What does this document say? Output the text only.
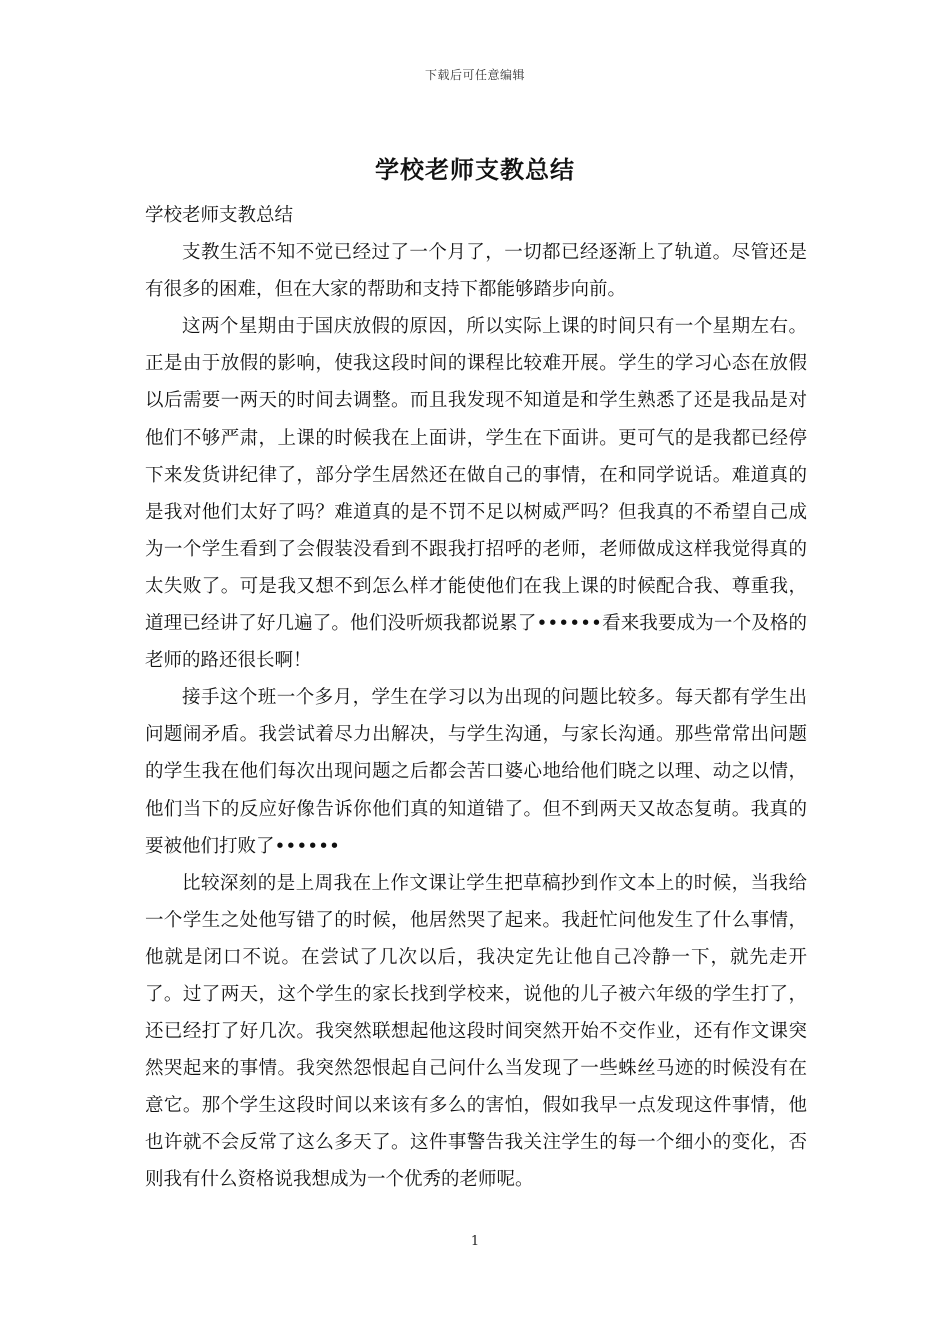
下载后可任意编辑
学校老师支教总结

学校老师支教总结

支教生活不知不觉已经过了一个月了，一切都已经逐渐上了轨道。尽管还是有很多的困难，但在大家的帮助和支持下都能够踏步向前。

这两个星期由于国庆放假的原因，所以实际上课的时间只有一个星期左右。正是由于放假的影响，使我这段时间的课程比较难开展。学生的学习心态在放假以后需要一两天的时间去调整。而且我发现不知道是和学生熟悉了还是我品是对他们不够严肃，上课的时候我在上面讲，学生在下面讲。更可气的是我都已经停下来发货讲纪律了，部分学生居然还在做自己的事情，在和同学说话。难道真的是我对他们太好了吗？难道真的是不罚不足以树威严吗？但我真的不希望自己成为一个学生看到了会假装没看到不跟我打招呼的老师，老师做成这样我觉得真的太失败了。可是我又想不到怎么样才能使他们在我上课的时候配合我、尊重我，道理已经讲了好几遍了。他们没听烦我都说累了••••••看来我要成为一个及格的老师的路还很长啊！

接手这个班一个多月，学生在学习以为出现的问题比较多。每天都有学生出问题闹矛盾。我尝试着尽力出解决，与学生沟通，与家长沟通。那些常常出问题的学生我在他们每次出现问题之后都会苦口婆心地给他们晓之以理、动之以情，他们当下的反应好像告诉你他们真的知道错了。但不到两天又故态复萌。我真的要被他们打败了••••••

比较深刻的是上周我在上作文课让学生把草稿抄到作文本上的时候，当我给一个学生之处他写错了的时候，他居然哭了起来。我赶忙问他发生了什么事情，他就是闭口不说。在尝试了几次以后，我决定先让他自己冷静一下，就先走开了。过了两天，这个学生的家长找到学校来，说他的儿子被六年级的学生打了，还已经打了好几次。我突然联想起他这段时间突然开始不交作业，还有作文课突然哭起来的事情。我突然怨恨起自己问什么当发现了一些蛛丝马迹的时候没有在意它。那个学生这段时间以来该有多么的害怕，假如我早一点发现这件事情，他也许就不会反常了这么多天了。这件事警告我关注学生的每一个细小的变化，否则我有什么资格说我想成为一个优秀的老师呢。

1
